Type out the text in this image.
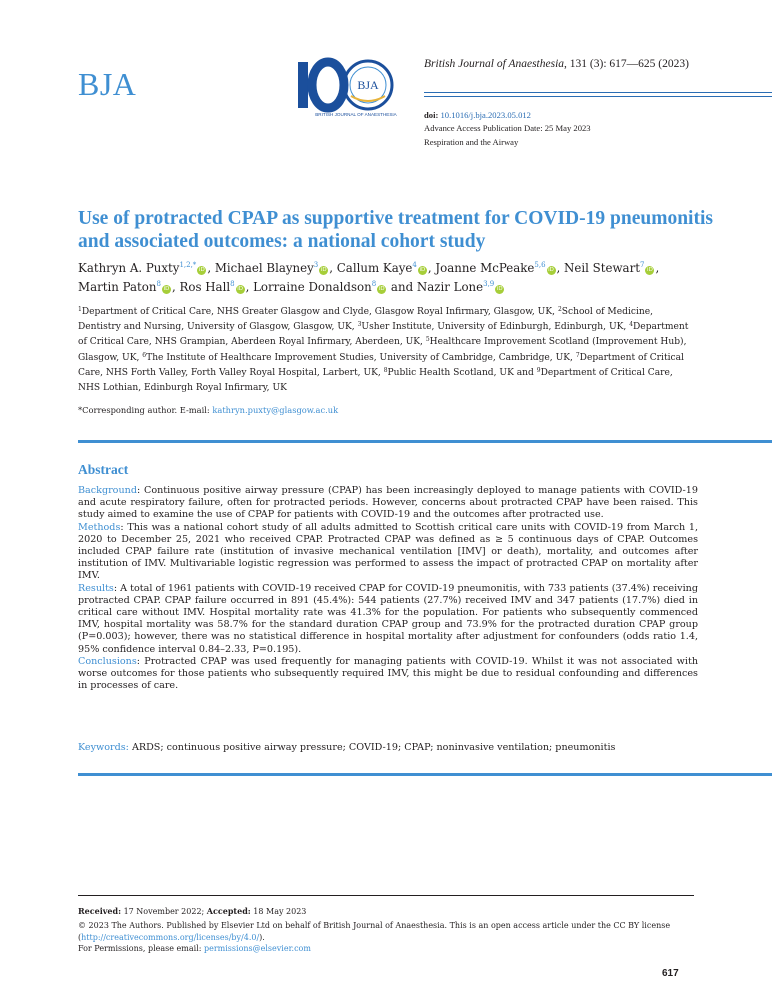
BJA	BJA
BRITISH JOURNAL OF ANAESTHESIA
British Journal of Anaesthesia, 131 (3): 617—625 (2023)
doi: 10.1016/j.bja.2023.05.012
Advance Access Publication Date: 25 May 2023
Respiration and the Airway
Use of protracted CPAP as supportive treatment for COVID-19 pneumonitis and associated outcomes: a national cohort study
Kathryn A. Puxty$^{1,2,*}$iD , Michael Blayney$^3$iD , Callum Kaye$^4$iD , Joanne McPeake$^{5,6}$iD , Neil Stewart$^7$iD ,
Martin Paton$^8$iD , Ros Hall$^8$iD , Lorraine Donaldson$^8$iD and Nazir Lone$^{3,9}$iD
$^1$Department of Critical Care, NHS Greater Glasgow and Clyde, Glasgow Royal Infirmary, Glasgow, UK, $^2$School of Medicine, Dentistry and Nursing, University of Glasgow, Glasgow, UK, $^3$Usher Institute, University of Edinburgh, Edinburgh, UK, $^4$Department of Critical Care, NHS Grampian, Aberdeen Royal Infirmary, Aberdeen, UK, $^5$Healthcare Improvement Scotland (Improvement Hub), Glasgow, UK, $^6$The Institute of Healthcare Improvement Studies, University of Cambridge, Cambridge, UK, $^7$Department of Critical Care, NHS Forth Valley, Forth Valley Royal Hospital, Larbert, UK, $^8$Public Health Scotland, UK and $^9$Department of Critical Care, NHS Lothian, Edinburgh Royal Infirmary, UK
*Corresponding author. E-mail: kathryn.puxty@glasgow.ac.uk
Abstract

Background: Continuous positive airway pressure (CPAP) has been increasingly deployed to manage patients with COVID-19 and acute respiratory failure, often for protracted periods. However, concerns about protracted CPAP have been raised. This study aimed to examine the use of CPAP for patients with COVID-19 and the outcomes after protracted use.

Methods: This was a national cohort study of all adults admitted to Scottish critical care units with COVID-19 from March 1, 2020 to December 25, 2021 who received CPAP. Protracted CPAP was defined as ≥ 5 continuous days of CPAP. Outcomes included CPAP failure rate (institution of invasive mechanical ventilation [IMV] or death), mortality, and outcomes after institution of IMV. Multivariable logistic regression was performed to assess the impact of protracted CPAP on mortality after IMV.

Results: A total of 1961 patients with COVID-19 received CPAP for COVID-19 pneumonitis, with 733 patients (37.4%) receiving protracted CPAP. CPAP failure occurred in 891 (45.4%): 544 patients (27.7%) received IMV and 347 patients (17.7%) died in critical care without IMV. Hospital mortality rate was 41.3% for the population. For patients who subsequently commenced IMV, hospital mortality was 58.7% for the standard duration CPAP group and 73.9% for the protracted duration CPAP group (P=0.003); however, there was no statistical difference in hospital mortality after adjustment for confounders (odds ratio 1.4, 95% confidence interval 0.84–2.33, P=0.195).

Conclusions: Protracted CPAP was used frequently for managing patients with COVID-19. Whilst it was not associated with worse outcomes for those patients who subsequently required IMV, this might be due to residual confounding and differences in processes of care.

Keywords: ARDS; continuous positive airway pressure; COVID-19; CPAP; noninvasive ventilation; pneumonitis
Received: 17 November 2022; Accepted: 18 May 2023
© 2023 The Authors. Published by Elsevier Ltd on behalf of British Journal of Anaesthesia. This is an open access article under the CC BY license (http://creativecommons.org/licenses/by/4.0/).
For Permissions, please email: permissions@elsevier.com
617
